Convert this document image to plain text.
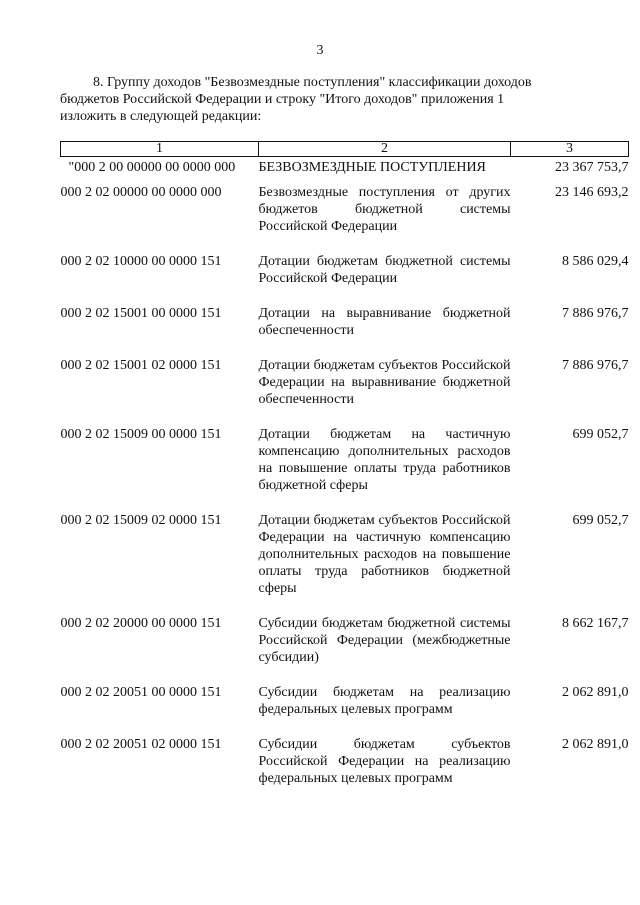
3
8. Группу доходов "Безвозмездные поступления" классификации доходов
бюджетов Российской Федерации и строку "Итого доходов" приложения 1
изложить в следующей редакции:
1	2	3
"000 2 00 00000 00 0000 000	БЕЗВОЗМЕЗДНЫЕ ПОСТУПЛЕНИЯ	23 367 753,7
000 2 02 00000 00 0000 000	Безвозмездные поступления от других бюджетов бюджетной системы Российской Федерации	23 146 693,2
000 2 02 10000 00 0000 151	Дотации бюджетам бюджетной системы Российской Федерации	8 586 029,4
000 2 02 15001 00 0000 151	Дотации на выравнивание бюджетной обеспеченности	7 886 976,7
000 2 02 15001 02 0000 151	Дотации бюджетам субъектов Российской Федерации на выравнивание бюджетной обеспеченности	7 886 976,7
000 2 02 15009 00 0000 151	Дотации бюджетам на частичную компенсацию дополнительных расходов на повышение оплаты труда работников бюджетной сферы	699 052,7
000 2 02 15009 02 0000 151	Дотации бюджетам субъектов Российской Федерации на частичную компенсацию дополнительных расходов на повышение оплаты труда работников бюджетной сферы	699 052,7
000 2 02 20000 00 0000 151	Субсидии бюджетам бюджетной системы Российской Федерации (межбюджетные субсидии)	8 662 167,7
000 2 02 20051 00 0000 151	Субсидии бюджетам на реализацию федеральных целевых программ	2 062 891,0
000 2 02 20051 02 0000 151	Субсидии бюджетам субъектов Российской Федерации на реализацию федеральных целевых программ	2 062 891,0
